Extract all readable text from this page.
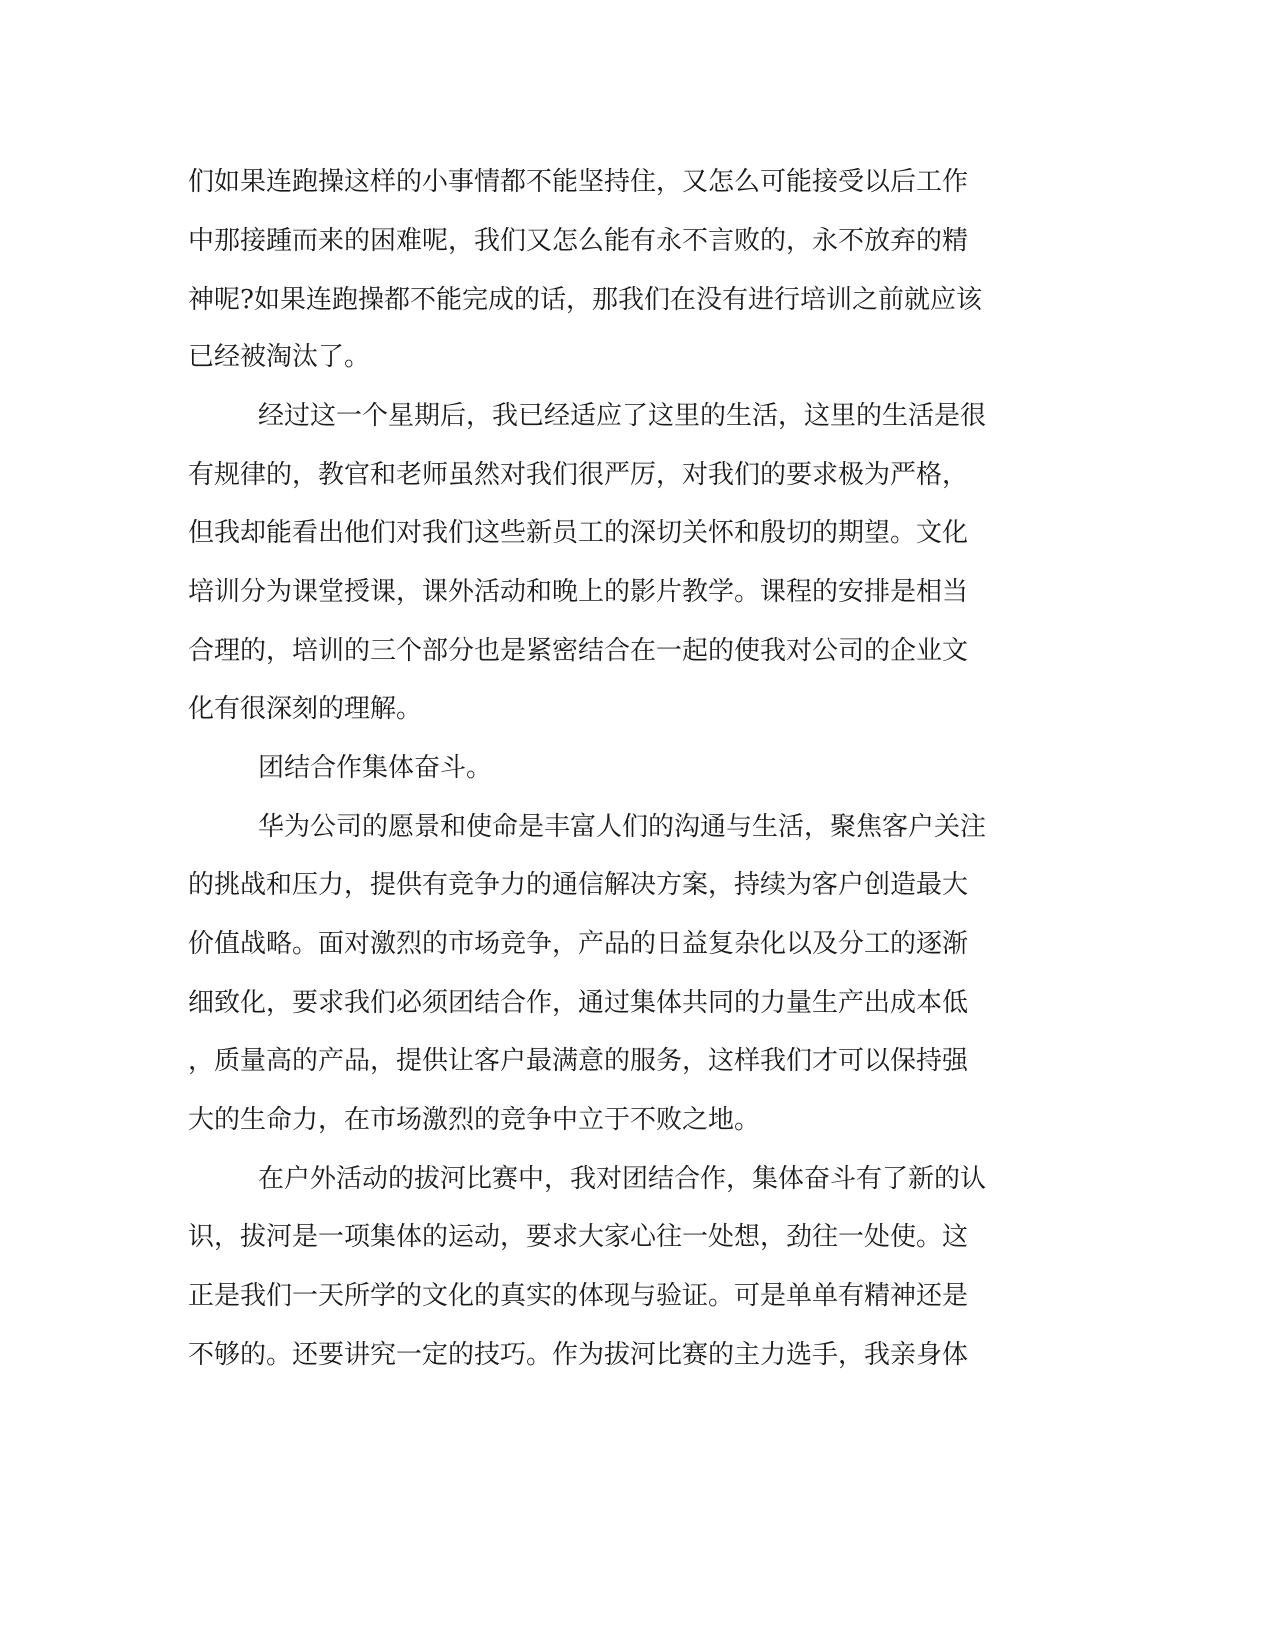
们如果连跑操这样的小事情都不能坚持住，又怎么可能接受以后工作

中那接踵而来的困难呢，我们又怎么能有永不言败的，永不放弃的精

神呢?如果连跑操都不能完成的话，那我们在没有进行培训之前就应该

已经被淘汰了。

经过这一个星期后，我已经适应了这里的生活，这里的生活是很

有规律的，教官和老师虽然对我们很严厉，对我们的要求极为严格，

但我却能看出他们对我们这些新员工的深切关怀和殷切的期望。文化

培训分为课堂授课，课外活动和晚上的影片教学。课程的安排是相当

合理的，培训的三个部分也是紧密结合在一起的使我对公司的企业文

化有很深刻的理解。

团结合作集体奋斗。

华为公司的愿景和使命是丰富人们的沟通与生活，聚焦客户关注

的挑战和压力，提供有竞争力的通信解决方案，持续为客户创造最大

价值战略。面对激烈的市场竞争，产品的日益复杂化以及分工的逐渐

细致化，要求我们必须团结合作，通过集体共同的力量生产出成本低

，质量高的产品，提供让客户最满意的服务，这样我们才可以保持强

大的生命力，在市场激烈的竞争中立于不败之地。

在户外活动的拔河比赛中，我对团结合作，集体奋斗有了新的认

识，拔河是一项集体的运动，要求大家心往一处想，劲往一处使。这

正是我们一天所学的文化的真实的体现与验证。可是单单有精神还是

不够的。还要讲究一定的技巧。作为拔河比赛的主力选手，我亲身体
